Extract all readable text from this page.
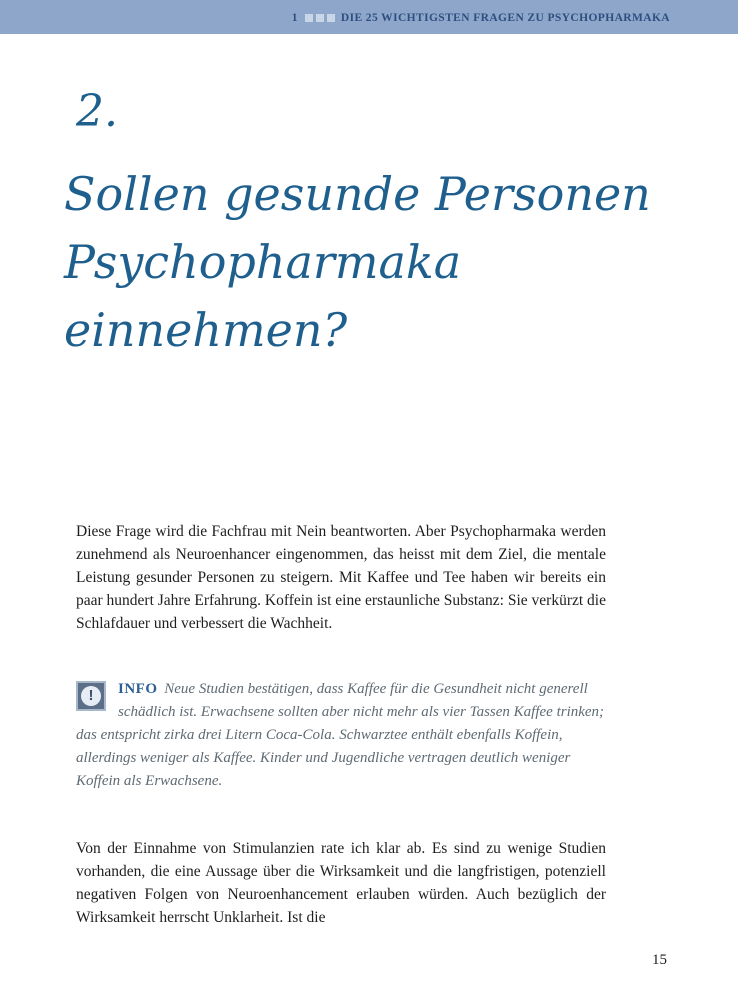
1	DIE 25 WICHTIGSTEN FRAGEN ZU PSYCHOPHARMAKA
2.
Sollen gesunde Personen
Psychopharmaka
einnehmen?

Diese Frage wird die Fachfrau mit Nein beantworten. Aber Psychopharmaka werden zunehmend als Neuroenhancer eingenommen, das heisst mit dem Ziel, die mentale Leistung gesunder Personen zu steigern. Mit Kaffee und Tee haben wir bereits ein paar hundert Jahre Erfahrung. Koffein ist eine erstaunliche Substanz: Sie verkürzt die Schlafdauer und verbessert die Wachheit.

!	INFO Neue Studien bestätigen, dass Kaffee für die Gesundheit nicht generell schädlich ist. Erwachsene sollten aber nicht mehr als vier Tassen Kaffee trinken; das entspricht zirka drei Litern Coca-Cola. Schwarztee enthält ebenfalls Koffein, allerdings weniger als Kaffee. Kinder und Jugendliche vertragen deutlich weniger Koffein als Erwachsene.

Von der Einnahme von Stimulanzien rate ich klar ab. Es sind zu wenige Studien vorhanden, die eine Aussage über die Wirksamkeit und die langfristigen, potenziell negativen Folgen von Neuroenhancement erlauben würden. Auch bezüglich der Wirksamkeit herrscht Unklarheit. Ist die

15
